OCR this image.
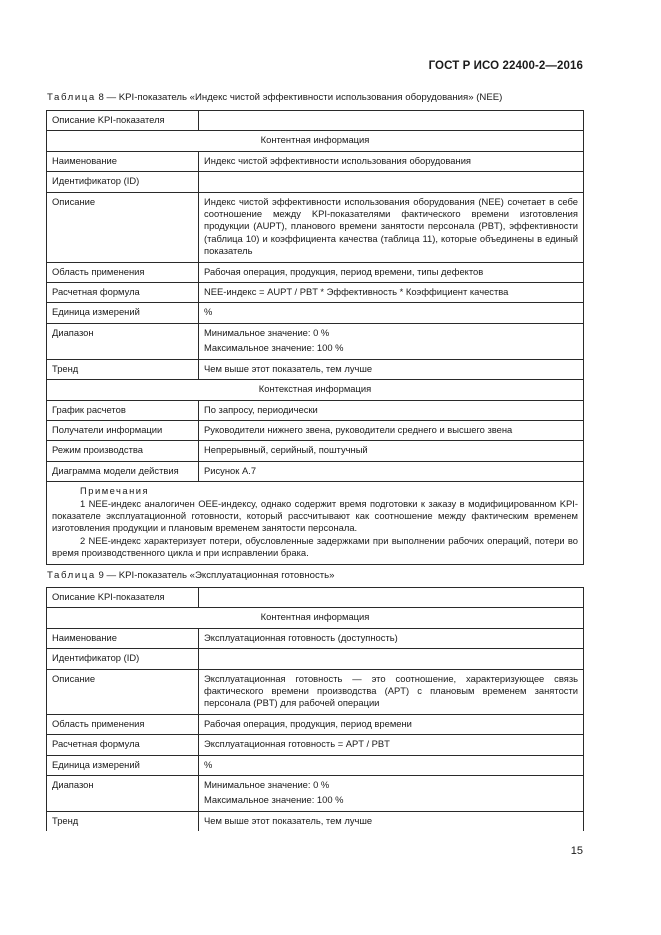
ГОСТ Р ИСО 22400-2—2016
Таблица 8 — KPI-показатель «Индекс чистой эффективности использования оборудования» (NEE)
Описание KPI-показателя	
Контентная информация	
Наименование	Индекс чистой эффективности использования оборудования
Идентификатор (ID)	
Описание	Индекс чистой эффективности использования оборудования (NEE) сочетает в себе соотношение между KPI-показателями фактического времени изготовления продукции (AUPT), планового времени занятости персонала (PBT), эффективности (таблица 10) и коэффициента качества (таблица 11), которые объединены в единый показатель
Область применения	Рабочая операция, продукция, период времени, типы дефектов
Расчетная формула	NEE-индекс = AUPT / PBT * Эффективность * Коэффициент качества
Единица измерений	%
Диапазон	Минимальное значение: 0 %

Максимальное значение: 100 %

Тренд	Чем выше этот показатель, тем лучше
Контекстная информация	
График расчетов	По запросу, периодически
Получатели информации	Руководители нижнего звена, руководители среднего и высшего звена
Режим производства	Непрерывный, серийный, поштучный
Диаграмма модели действия	Рисунок А.7

Примечания

1 NEE-индекс аналогичен OEE-индексу, однако содержит время подготовки к заказу в модифицированном KPI-показателе эксплуатационной готовности, который рассчитывают как соотношение между фактическим временем изготовления продукции и плановым временем занятости персонала.

2 NEE-индекс характеризует потери, обусловленные задержками при выполнении рабочих операций, потери во время производственного цикла и при исправлении брака.	

Таблица 9 — KPI-показатель «Эксплуатационная готовность»
Описание KPI-показателя	
Контентная информация	
Наименование	Эксплуатационная готовность (доступность)
Идентификатор (ID)	
Описание	Эксплуатационная готовность — это соотношение, характеризующее связь фактического времени производства (APT) с плановым временем занятости персонала (PBT) для рабочей операции
Область применения	Рабочая операция, продукция, период времени
Расчетная формула	Эксплуатационная готовность = APT / PBT
Единица измерений	%
Диапазон	Минимальное значение: 0 %

Максимальное значение: 100 %

Тренд	Чем выше этот показатель, тем лучше
15
